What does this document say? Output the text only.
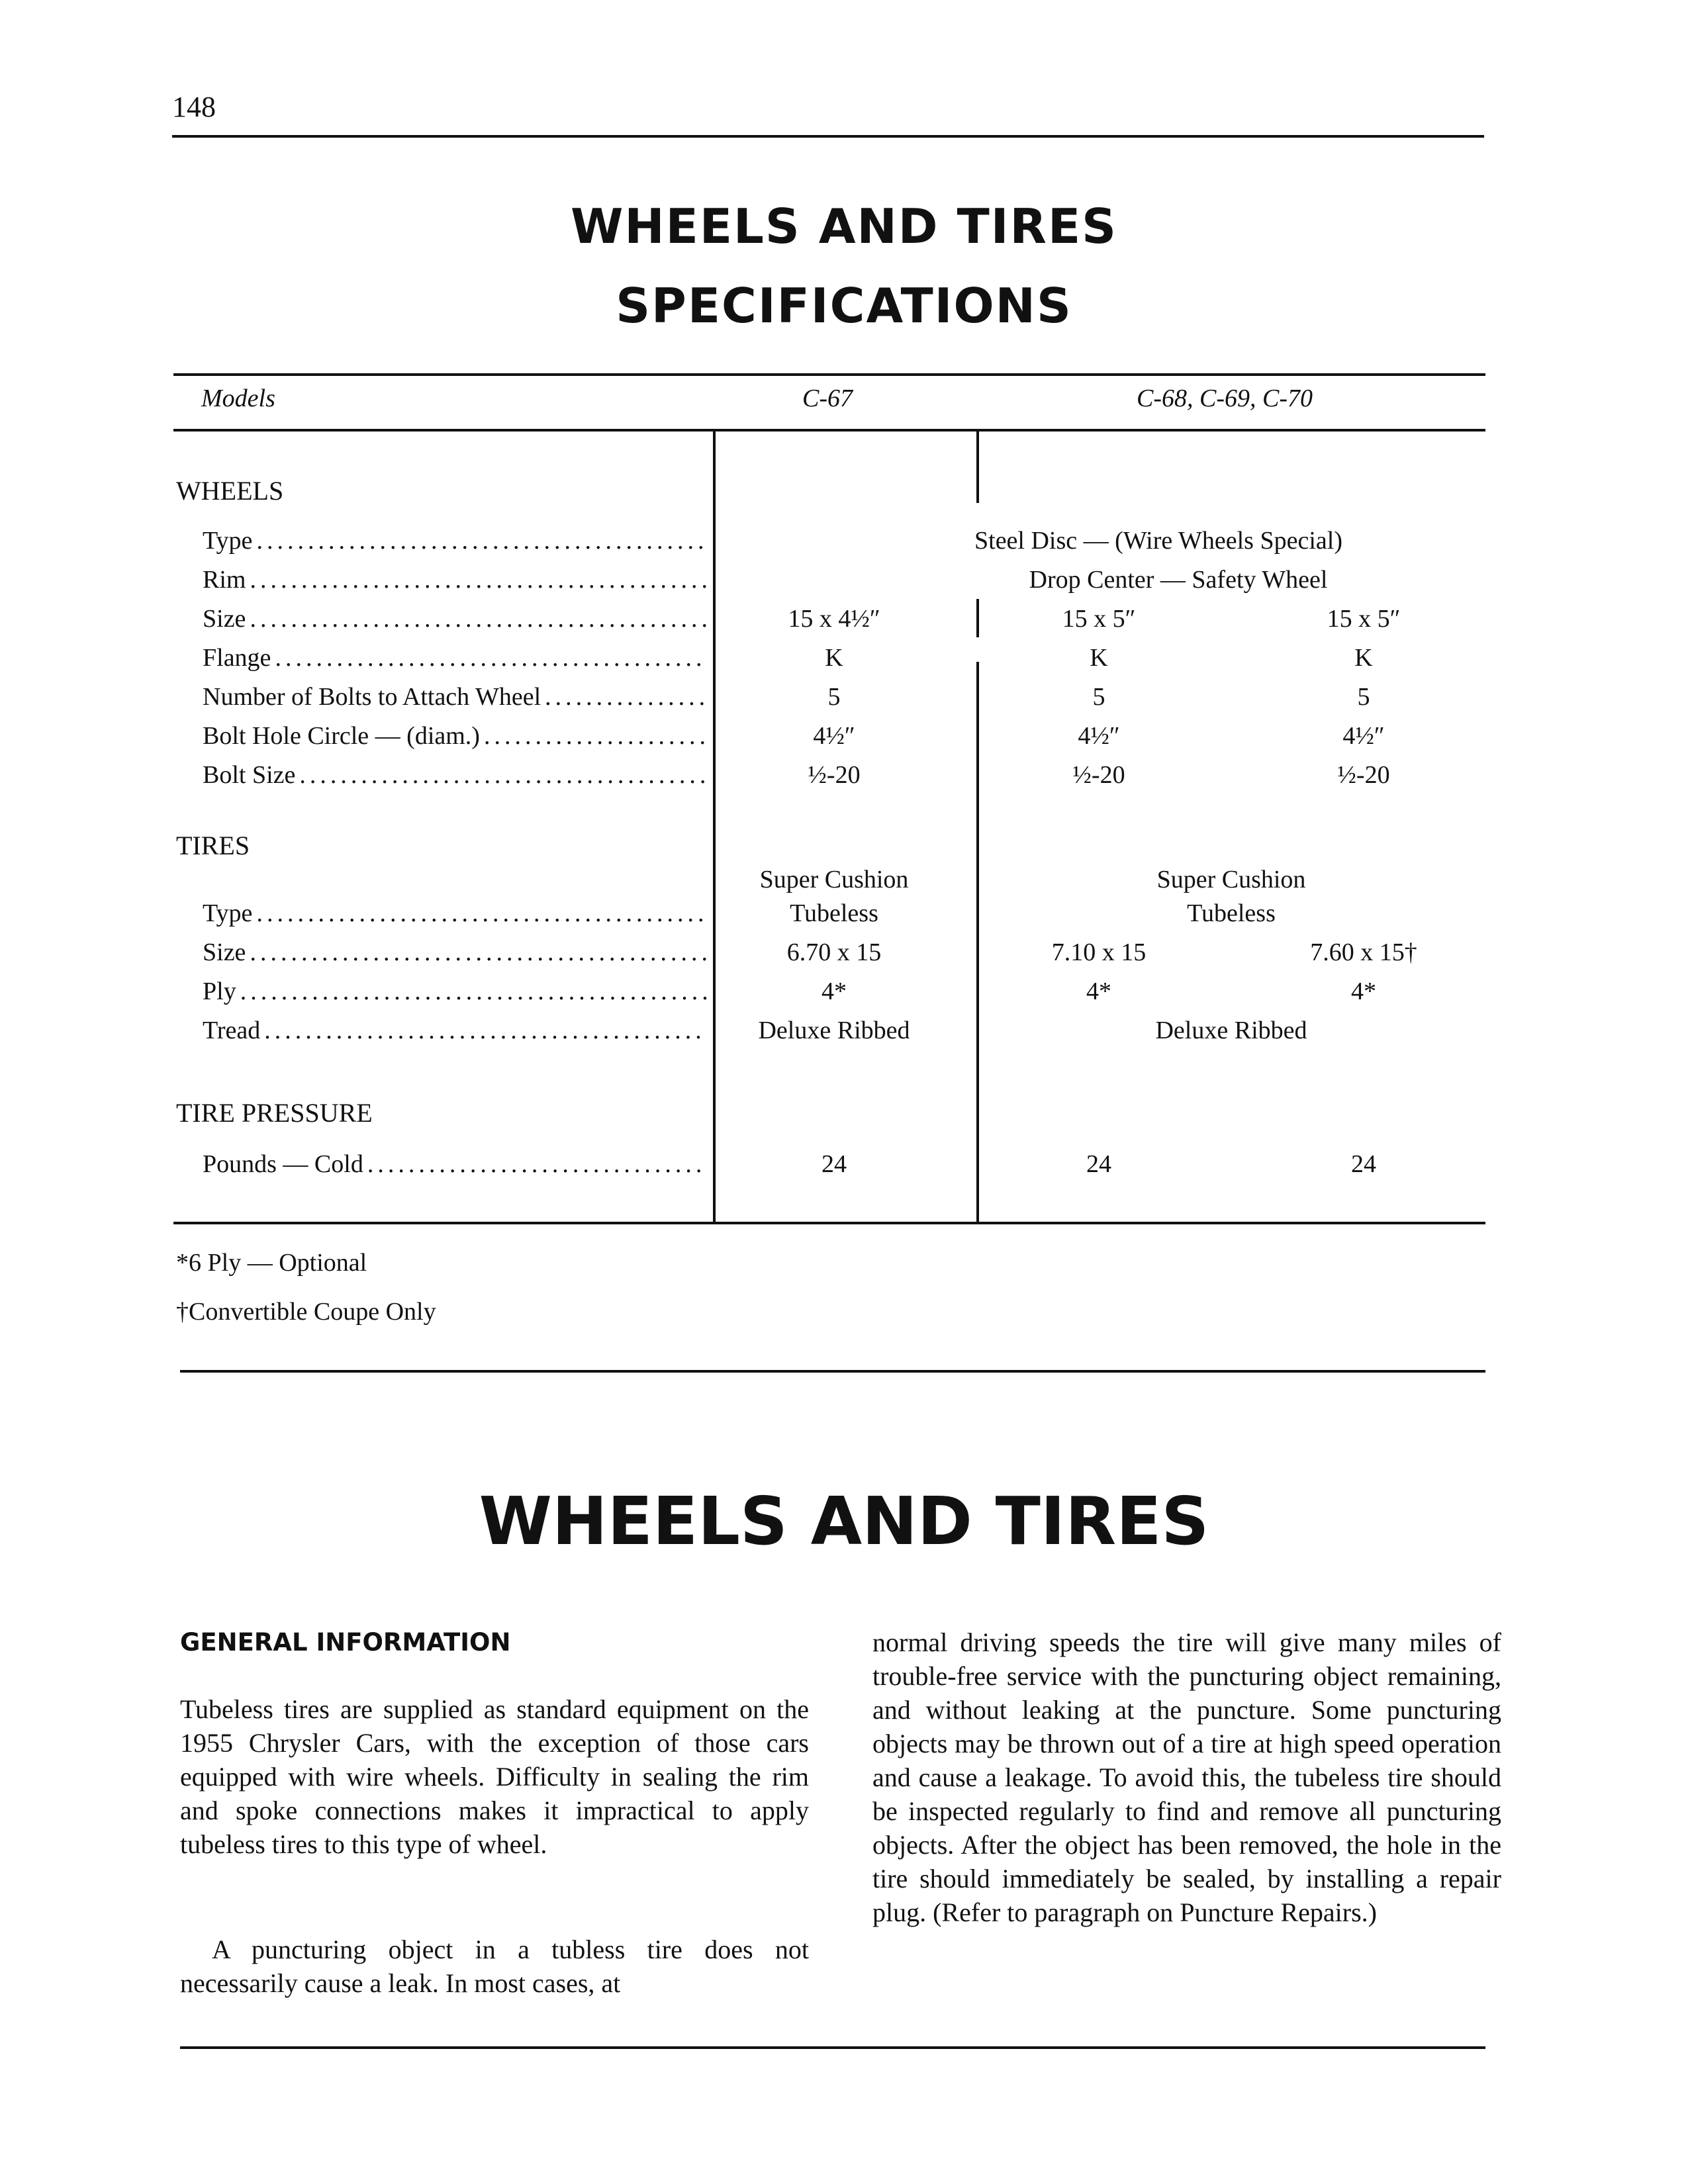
148
WHEELS AND TIRES
SPECIFICATIONS
Models	C-67	C-68, C-69, C-70
WHEELS
Type
.....
Rim
.....
Size
.....
Flange
.....
Number of Bolts to Attach Wheel
.....
Bolt Hole Circle — (diam.)
.....
Bolt Size
.....
Steel Disc — (Wire Wheels Special)
Drop Center — Safety Wheel
15 x 4½″	15 x 5″	15 x 5″
K	K	K
5	5	5
4½″	4½″	4½″
½-20	½-20	½-20
TIRES
Super Cushion	Super Cushion
Type
.....
Size
.....
Ply
.....
Tread
.....
Tubeless	Tubeless
6.70 x 15	7.10 x 15	7.60 x 15†
4*	4*	4*
Deluxe Ribbed	Deluxe Ribbed
TIRE PRESSURE
Pounds — Cold
.....	24	24	24
*6 Ply — Optional
†Convertible Coupe Only
WHEELS AND TIRES
GENERAL INFORMATION
Tubeless tires are supplied as standard equipment on the 1955 Chrysler Cars, with the exception of those cars equipped with wire wheels. Difficulty in sealing the rim and spoke connections makes it impractical to apply tubeless tires to this type of wheel.
A puncturing object in a tubless tire does not necessarily cause a leak. In most cases, at
normal driving speeds the tire will give many miles of trouble-free service with the puncturing object remaining, and without leaking at the puncture. Some puncturing objects may be thrown out of a tire at high speed operation and cause a leakage. To avoid this, the tubeless tire should be inspected regularly to find and remove all puncturing objects. After the object has been removed, the hole in the tire should immediately be sealed, by installing a repair plug. (Refer to paragraph on Puncture Repairs.)
